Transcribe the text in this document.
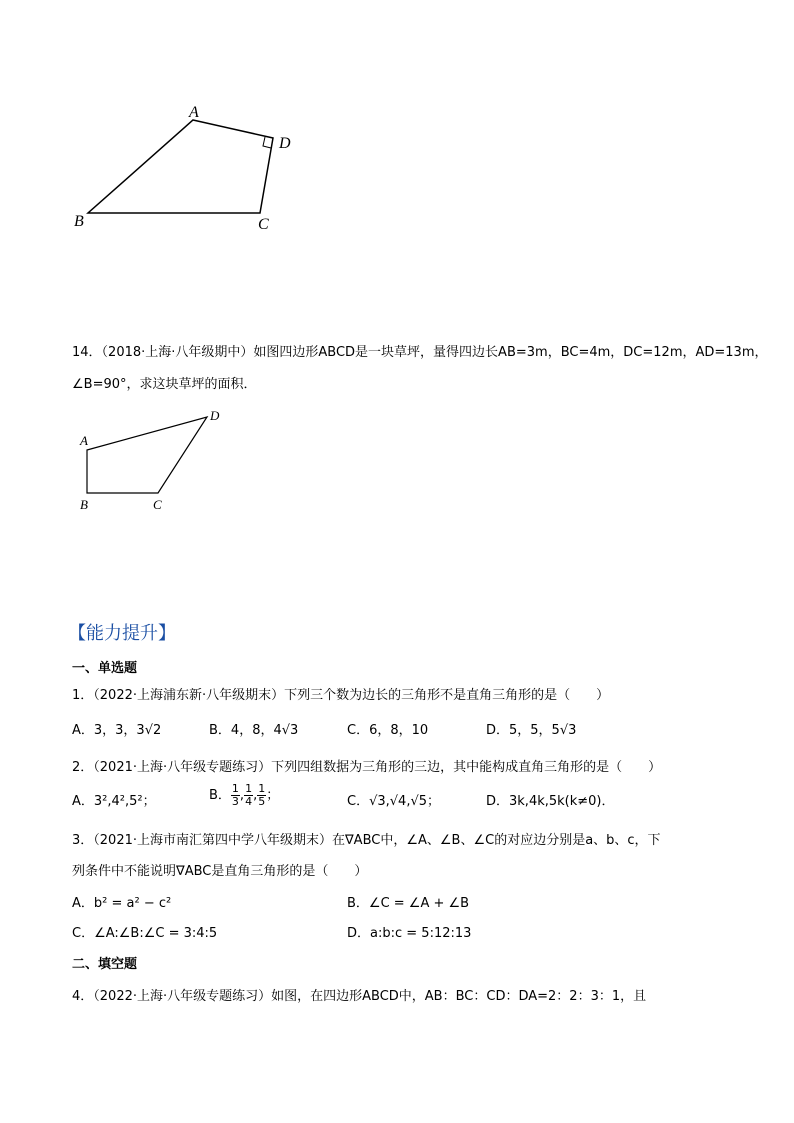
A
B	C
D
14．（2018·上海·八年级期中）如图四边形ABCD是一块草坪，量得四边长AB=3m，BC=4m，DC=12m，AD=13m，
∠B=90°，求这块草坪的面积．
A
B	C
D
【能力提升】
一、单选题
1．（2022·上海浦东新·八年级期末）下列三个数为边长的三角形不是直角三角形的是（　　）
A．3，3，3√2	B．4，8，4√3	C．6，8，10	D．5，5，5√3
2．（2021·上海·八年级专题练习）下列四组数据为三角形的三边，其中能构成直角三角形的是（　　）
A．3²,4²,5²；	B． $\frac{1}{3}$ , $\frac{1}{4}$ , $\frac{1}{5}$ ；	C．√3,√4,√5；	D．3k,4k,5k(k≠0)．
3．（2021·上海市南汇第四中学八年级期末）在∇ABC中，∠A、∠B、∠C的对应边分别是a、b、c，下
列条件中不能说明∇ABC是直角三角形的是（　　）
A．b² = a² − c²	B．∠C = ∠A + ∠B
C．∠A:∠B:∠C = 3:4:5	D．a:b:c = 5:12:13
二、填空题
4．（2022·上海·八年级专题练习）如图，在四边形ABCD中，AB：BC：CD：DA=2：2：3：1，且
